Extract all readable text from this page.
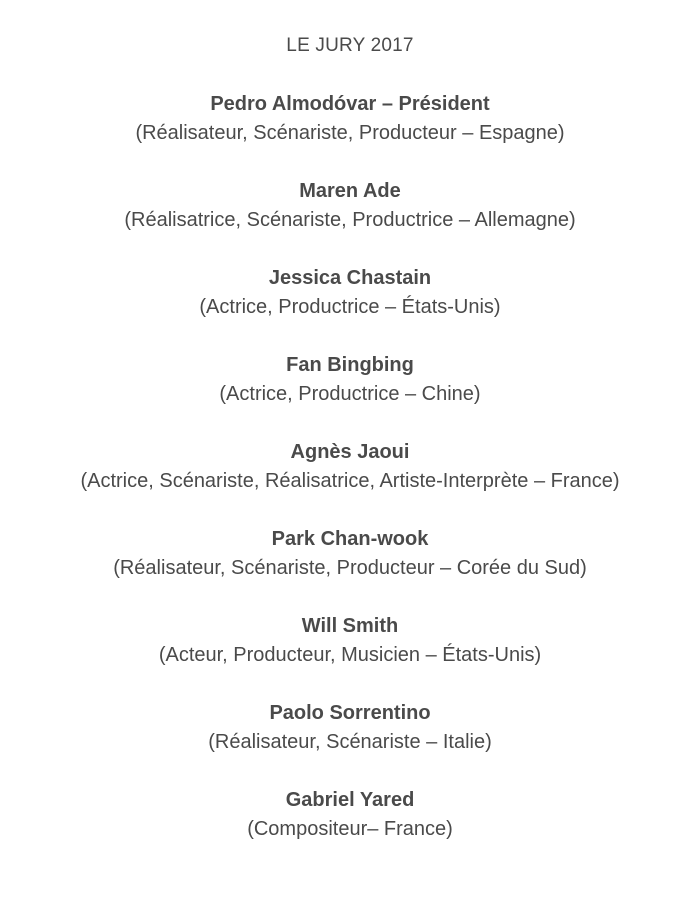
LE JURY 2017

Pedro Almodóvar – Président

(Réalisateur, Scénariste, Producteur – Espagne)

Maren Ade

(Réalisatrice, Scénariste, Productrice – Allemagne)

Jessica Chastain

(Actrice, Productrice – États-Unis)

Fan Bingbing

(Actrice, Productrice – Chine)

Agnès Jaoui

(Actrice, Scénariste, Réalisatrice, Artiste-Interprète – France)

Park Chan-wook

(Réalisateur, Scénariste, Producteur – Corée du Sud)

Will Smith

(Acteur, Producteur, Musicien – États-Unis)

Paolo Sorrentino

(Réalisateur, Scénariste – Italie)

Gabriel Yared

(Compositeur– France)
